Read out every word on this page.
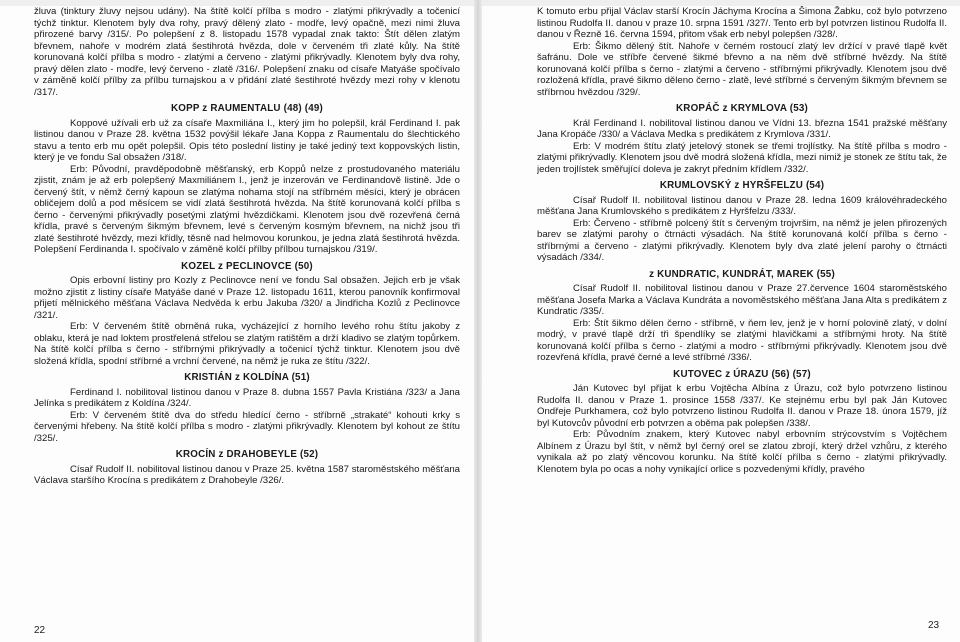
žluva (tinktury žluvy nejsou udány). Na štítě kolčí přílba s modro - zlatými přikrývadly a točenicí týchž tinktur. Klenotem byly dva rohy, pravý dělený zlato - modře, levý opačně, mezi nimi žluva přirozené barvy /315/. Po polepšení z 8. listopadu 1578 vypadal znak takto: Štít dělen zlatým břevnem, nahoře v modrém zlatá šestihrotá hvězda, dole v červeném tři zlaté kůly. Na štítě korunovaná kolčí přílba s modro - zlatými a červeno - zlatými přikrývadly. Klenotem byly dva rohy, pravý dělen zlato - modře, levý červeno - zlatě /316/. Polepšení znaku od císaře Matyáše spočívalo v záměně kolčí přílby za přílbu turnajskou a v přidání zlaté šestihroté hvězdy mezi rohy v klenotu /317/.

KOPP z RAUMENTALU (48) (49)

Koppové užívali erb už za císaře Maxmiliána I., který jim ho polepšil, král Ferdinand I. pak listinou danou v Praze 28. května 1532 povýšil lékaře Jana Koppa z Raumentalu do šlechtického stavu a tento erb mu opět polepšil. Opis této poslední listiny je také jediný text koppovských listin, který je ve fondu Sal obsažen /318/.

Erb: Původní, pravděpodobně měšťanský, erb Koppů nelze z prostudovaného materiálu zjistit, znám je až erb polepšený Maxmiliánem I., jenž je inzerován ve Ferdinandově listině. Jde o červený štít, v němž černý kapoun se zlatýma nohama stojí na stříbrném měsíci, který je obrácen obličejem dolů a pod měsícem se vidí zlatá šestihrotá hvězda. Na štítě korunovaná kolčí přílba s černo - červenými přikrývadly posetými zlatými hvězdičkami. Klenotem jsou dvě rozevřená černá křídla, pravé s červeným šikmým břevnem, levé s červeným kosmým břevnem, na nichž jsou tři zlaté šestihroté hvězdy, mezi křídly, těsně nad helmovou korunkou, je jedna zlatá šestihrotá hvězda. Polepšení Ferdinanda I. spočívalo v záměně kolčí přílby přílbou turnajskou /319/.

KOZEL z PECLINOVCE (50)

Opis erbovní listiny pro Kozly z Peclinovce není ve fondu Sal obsažen. Jejich erb je však možno zjistit z listiny císaře Matyáše dané v Praze 12. listopadu 1611, kterou panovník konfirmoval přijetí mělnického měšťana Václava Nedvěda k erbu Jakuba /320/ a Jindřicha Kozlů z Peclinovce /321/.

Erb: V červeném štítě obrněná ruka, vycházející z horního levého rohu štítu jakoby z oblaku, která je nad loktem prostřelená střelou se zlatým ratištěm a drží kladivo se zlatým topůrkem. Na štítě kolčí přílba s černo - stříbrnými přikrývadly a točenicí týchž tinktur. Klenotem jsou dvě složená křídla, spodní stříbrné a vrchní červené, na němž je ruka ze štítu /322/.

KRISTIÁN z KOLDÍNA (51)

Ferdinand I. nobilitoval listinou danou v Praze 8. dubna 1557 Pavla Kristiána /323/ a Jana Jelínka s predikátem z Koldína /324/.

Erb: V červeném štítě dva do středu hledící černo - stříbrně „strakaté“ kohouti krky s červenými hřebeny. Na štítě kolčí přílba s modro - zlatými přikrývadly. Klenotem byl kohout ze štítu /325/.

KROCÍN z DRAHOBEYLE (52)

Císař Rudolf II. nobilitoval listinou danou v Praze 25. května 1587 staroměstského měšťana Václava staršího Krocína s predikátem z Drahobeyle /326/.

K tomuto erbu přijal Václav starší Krocín Jáchyma Krocína a Šimona Žabku, což bylo potvrzeno listinou Rudolfa II. danou v praze 10. srpna 1591 /327/. Tento erb byl potvrzen listinou Rudolfa II. danou v Řezně 16. června 1594, přitom však erb nebyl polepšen /328/.

Erb: Šikmo dělený štít. Nahoře v černém rostoucí zlatý lev držící v pravé tlapě květ šafránu. Dole ve stříbře červené šikmé břevno a na něm dvě stříbrné hvězdy. Na štítě korunovaná kolčí přílba s černo - zlatými a červeno - stříbrnými přikrývadly. Klenotem jsou dvě rozložená křídla, pravé šikmo děleno černo - zlatě, levé stříbrné s červeným šikmým břevnem se stříbrnou hvězdou /329/.

KROPÁČ z KRYMLOVA (53)

Král Ferdinand I. nobilitoval listinou danou ve Vídni 13. března 1541 pražské měšťany Jana Kropáče /330/ a Václava Medka s predikátem z Krymlova /331/.

Erb: V modrém štítu zlatý jetelový stonek se třemi trojlístky. Na štítě přílba s modro - zlatými přikrývadly. Klenotem jsou dvě modrá složená křídla, mezi nimiž je stonek ze štítu tak, že jeden trojlístek směřující doleva je zakryt předním křídlem /332/.

KRUMLOVSKÝ z HYRŠFELZU (54)

Císař Rudolf II. nobilitoval listinou danou v Praze 28. ledna 1609 královéhradeckého měšťana Jana Krumlovského s predikátem z Hyršfelzu /333/.

Erb: Červeno - stříbrně polcený štít s červeným trojvršim, na němž je jelen přirozených barev se zlatými parohy o čtrnácti výsadách. Na štítě korunovaná kolčí přílba s černo - stříbrnými a červeno - zlatými přikrývadly. Klenotem byly dva zlaté jelení parohy o čtrnácti výsadách /334/.

z KUNDRATIC, KUNDRÁT, MAREK (55)

Císař Rudolf II. nobilitoval listinou danou v Praze 27.července 1604 staroměstského měšťana Josefa Marka a Václava Kundráta a novoměstského měšťana Jana Alta s predikátem z Kundratic /335/.

Erb: Štít šikmo dělen černo - stříbrně, v ňem lev, jenž je v horní polovině zlatý, v dolní modrý, v pravé tlapě drží tři špendlíky se zlatými hlavičkami a stříbrnými hroty. Na štítě korunovaná kolčí přílba s černo - zlatými a modro - stříbrnými přikrývadly. Klenotem jsou dvě rozevřená křídla, pravé černé a levé stříbrné /336/.

KUTOVEC z ÚRAZU (56) (57)

Ján Kutovec byl přijat k erbu Vojtěcha Albína z Úrazu, což bylo potvrzeno listinou Rudolfa II. danou v Praze 1. prosince 1558 /337/. Ke stejnému erbu byl pak Ján Kutovec Ondřeje Purkhamera, což bylo potvrzeno listinou Rudolfa II. danou v Praze 18. února 1579, jíž byl Kutovcův původní erb potvrzen a oběma pak polepšen /338/.

Erb: Původním znakem, který Kutovec nabyl erbovním strýcovstvím s Vojtěchem Albínem z Úrazu byl štít, v němž byl černý orel se zlatou zbrojí, který držel vzhůru, z kterého vynikala až po zlatý věncovou korunku. Na štítě kolčí přílba s černo - zlatými přikrývadly. Klenotem byla po ocas a nohy vynikající orlice s pozvedenými křídly, pravého

22	23
